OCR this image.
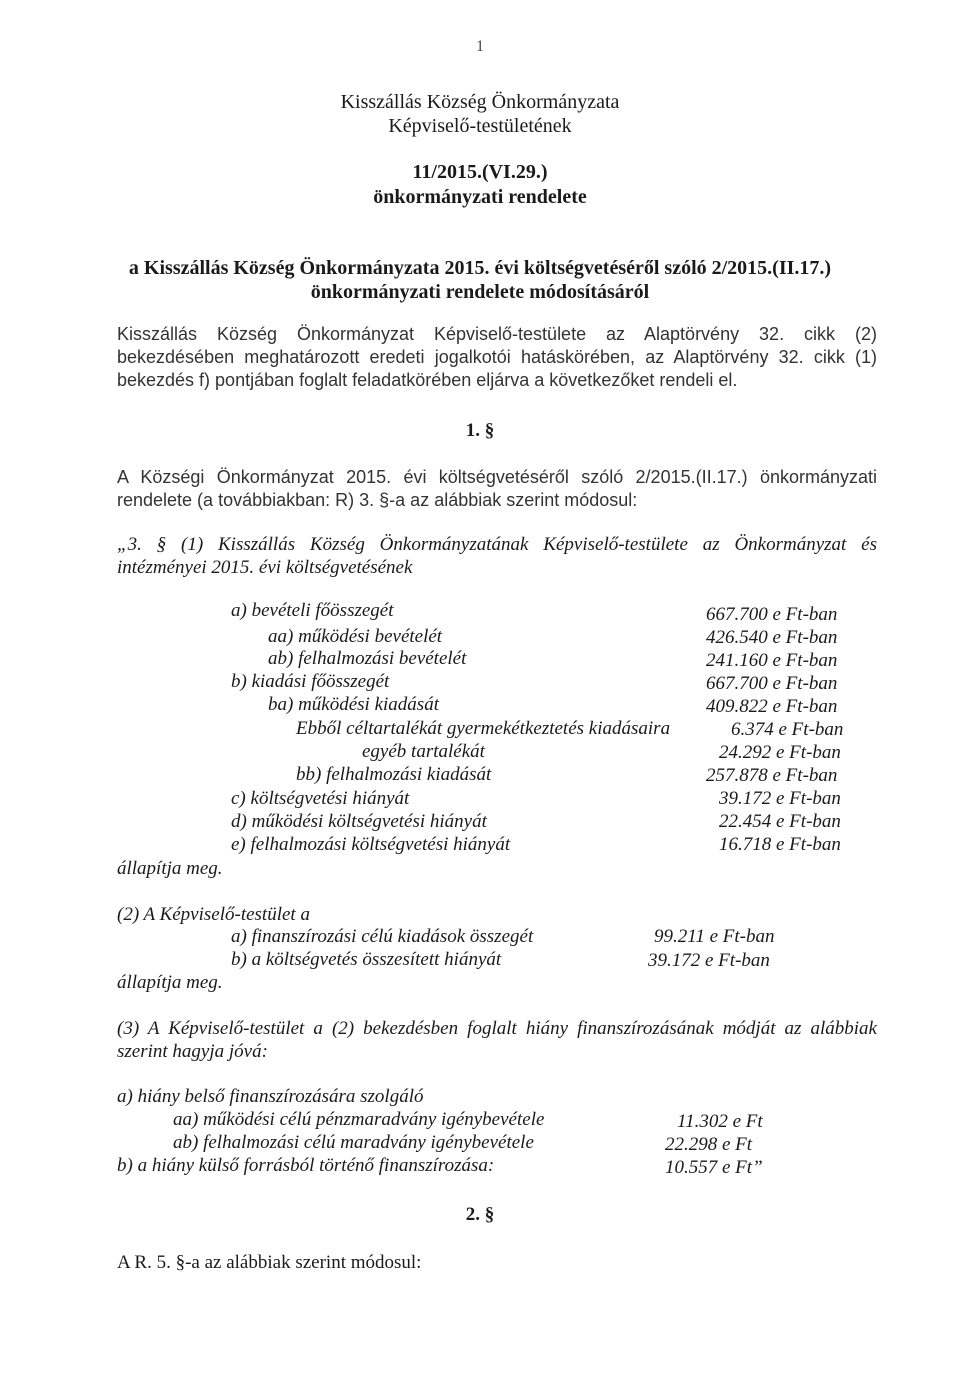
1
Kisszállás Község Önkormányzata
Képviselő-testületének
11/2015.(VI.29.)
önkormányzati rendelete
a Kisszállás Község Önkormányzata 2015. évi költségvetéséről szóló 2/2015.(II.17.)
önkormányzati rendelete módosításáról
Kisszállás Község Önkormányzat Képviselő-testülete az Alaptörvény 32. cikk (2)
bekezdésében meghatározott eredeti jogalkotói hatáskörében, az Alaptörvény 32. cikk (1)
bekezdés f) pontjában foglalt feladatkörében eljárva a következőket rendeli el.
1. §
A Községi Önkormányzat 2015. évi költségvetéséről szóló 2/2015.(II.17.) önkormányzati
rendelete (a továbbiakban: R) 3. §-a az alábbiak szerint módosul:
„3. § (1) Kisszállás Község Önkormányzatának Képviselő-testülete az Önkormányzat és
intézményei 2015. évi költségvetésének
a) bevételi főösszegét	667.700 e Ft-ban
aa) működési bevételét	426.540 e Ft-ban
ab) felhalmozási bevételét	241.160 e Ft-ban
b) kiadási főösszegét	667.700 e Ft-ban
ba) működési kiadását	409.822 e Ft-ban
Ebből céltartalékát gyermekétkeztetés kiadásaira	6.374 e Ft-ban
egyéb tartalékát	24.292 e Ft-ban
bb) felhalmozási kiadását	257.878 e Ft-ban
c) költségvetési hiányát	39.172 e Ft-ban
d) működési költségvetési hiányát	22.454 e Ft-ban
e) felhalmozási költségvetési hiányát	16.718 e Ft-ban
állapítja meg.
(2) A Képviselő-testület a
a) finanszírozási célú kiadások összegét	99.211 e Ft-ban
b) a költségvetés összesített hiányát	39.172 e Ft-ban
állapítja meg.
(3) A Képviselő-testület a (2) bekezdésben foglalt hiány finanszírozásának módját az alábbiak
szerint hagyja jóvá:
a) hiány belső finanszírozására szolgáló
aa) működési célú pénzmaradvány igénybevétele	11.302 e Ft
ab) felhalmozási célú maradvány igénybevétele	22.298 e Ft
b) a hiány külső forrásból történő finanszírozása:	10.557 e Ft”
2. §
A R. 5. §-a az alábbiak szerint módosul:
